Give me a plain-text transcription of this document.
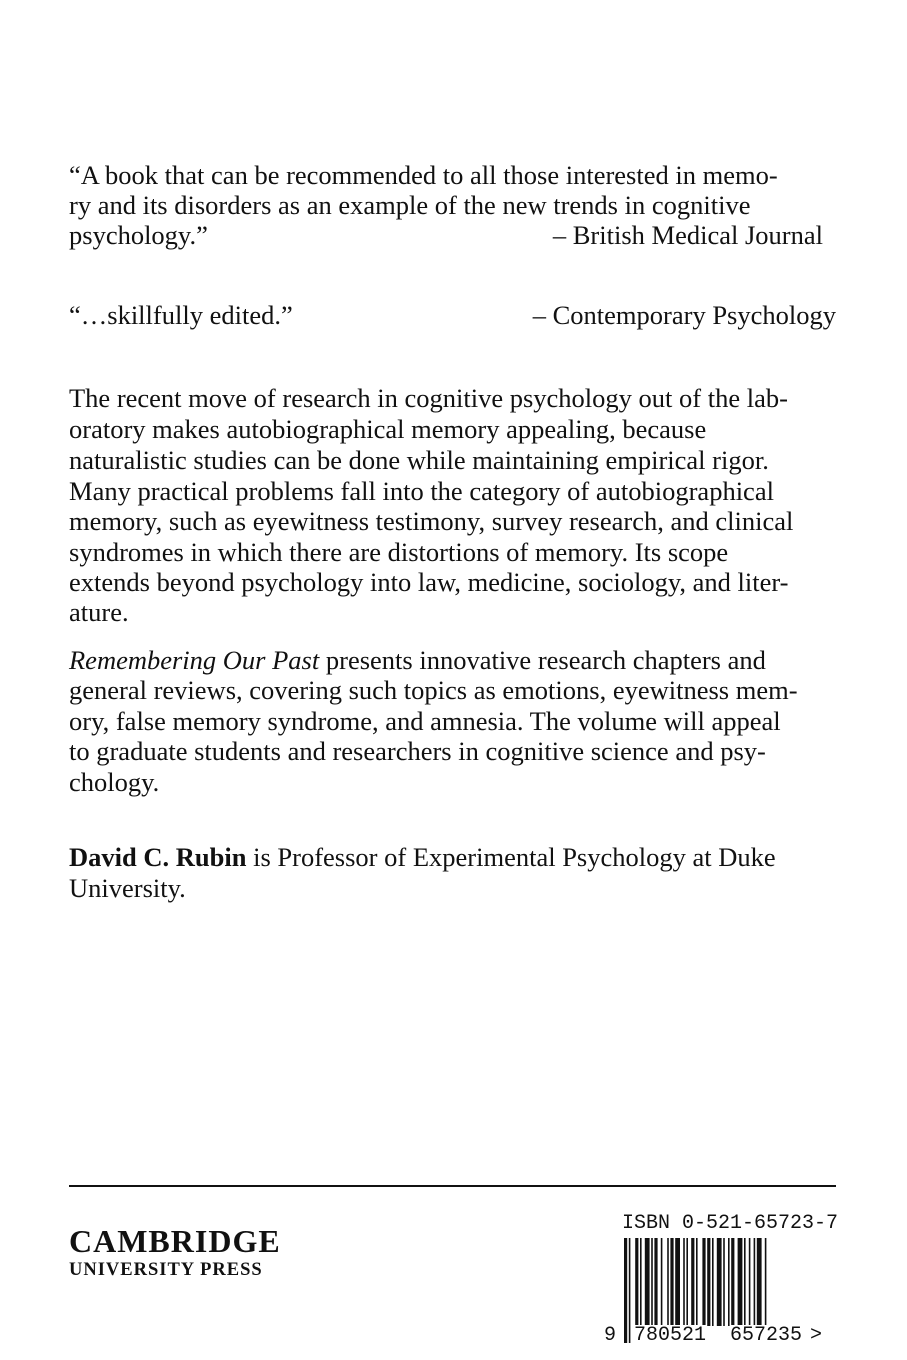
“A book that can be recommended to all those interested in memo-
ry and its disorders as an example of the new trends in cognitive
psychology.”	– British Medical Journal
“…skillfully edited.”	– Contemporary Psychology
The recent move of research in cognitive psychology out of the lab-
oratory makes autobiographical memory appealing, because
naturalistic studies can be done while maintaining empirical rigor.
Many practical problems fall into the category of autobiographical
memory, such as eyewitness testimony, survey research, and clinical
syndromes in which there are distortions of memory. Its scope
extends beyond psychology into law, medicine, sociology, and liter-
ature.
Remembering Our Past presents innovative research chapters and
general reviews, covering such topics as emotions, eyewitness mem-
ory, false memory syndrome, and amnesia. The volume will appeal
to graduate students and researchers in cognitive science and psy-
chology.
David C. Rubin is Professor of Experimental Psychology at Duke
University.
CAMBRIDGE
UNIVERSITY PRESS
ISBN 0-521-65723-7
9 780521 657235 >
